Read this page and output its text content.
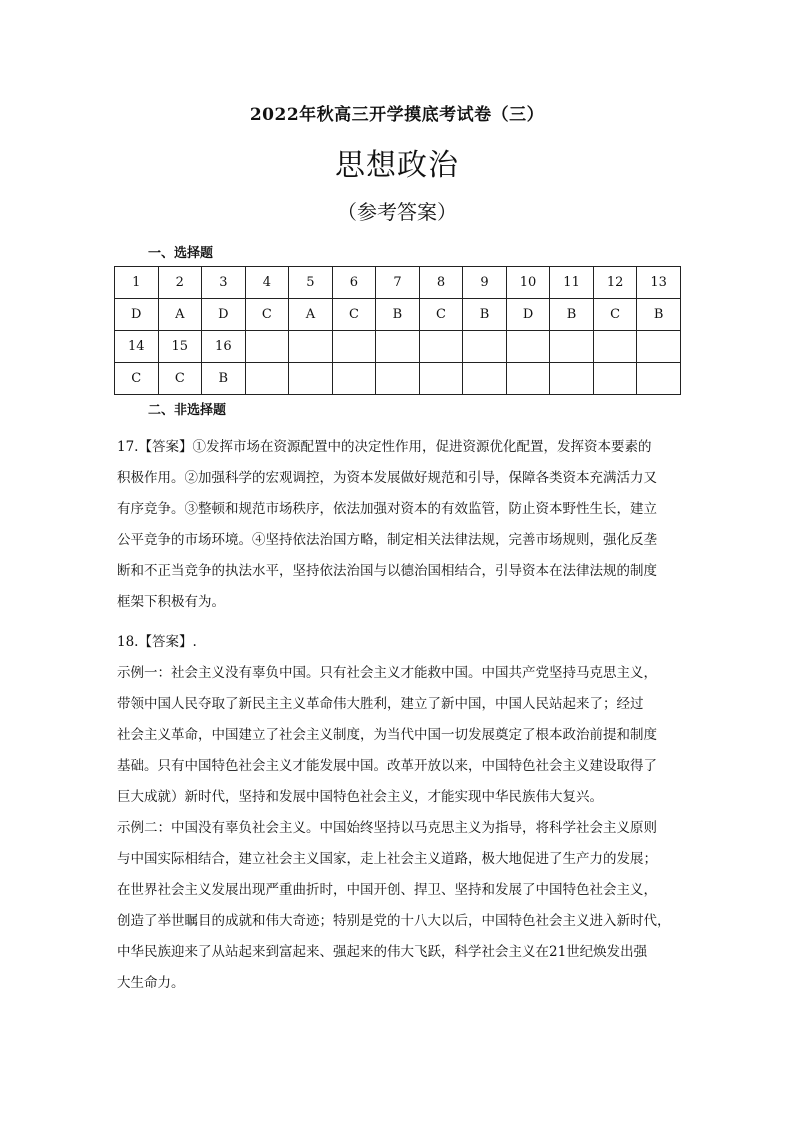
2022年秋高三开学摸底考试卷（三）
思想政治
（参考答案）
一、选择题
1	2	3	4	5	6	7	8	9	10	11	12	13
D	A	D	C	A	C	B	C	B	D	B	C	B
14	15	16										
C	C	B										
二、非选择题

17.【答案】①发挥市场在资源配置中的决定性作用，促进资源优化配置，发挥资本要素的

积极作用。②加强科学的宏观调控，为资本发展做好规范和引导，保障各类资本充满活力又

有序竞争。③整顿和规范市场秩序，依法加强对资本的有效监管，防止资本野性生长，建立

公平竞争的市场环境。④坚持依法治国方略，制定相关法律法规，完善市场规则，强化反垄

断和不正当竞争的执法水平，坚持依法治国与以德治国相结合，引导资本在法律法规的制度

框架下积极有为。

18.【答案】.

示例一：社会主义没有辜负中国。只有社会主义才能救中国。中国共产党坚持马克思主义，

带领中国人民夺取了新民主主义革命伟大胜利，建立了新中国，中国人民站起来了；经过

社会主义革命，中国建立了社会主义制度，为当代中国一切发展奠定了根本政治前提和制度

基础。只有中国特色社会主义才能发展中国。改革开放以来，中国特色社会主义建设取得了

巨大成就）新时代，坚持和发展中国特色社会主义，才能实现中华民族伟大复兴。

示例二：中国没有辜负社会主义。中国始终坚持以马克思主义为指导，将科学社会主义原则

与中国实际相结合，建立社会主义国家，走上社会主义道路，极大地促进了生产力的发展；

在世界社会主义发展出现严重曲折时，中国开创、捍卫、坚持和发展了中国特色社会主义，

创造了举世瞩目的成就和伟大奇迹；特别是党的十八大以后，中国特色社会主义进入新时代，

中华民族迎来了从站起来到富起来、强起来的伟大飞跃，科学社会主义在21世纪焕发出强

大生命力。
